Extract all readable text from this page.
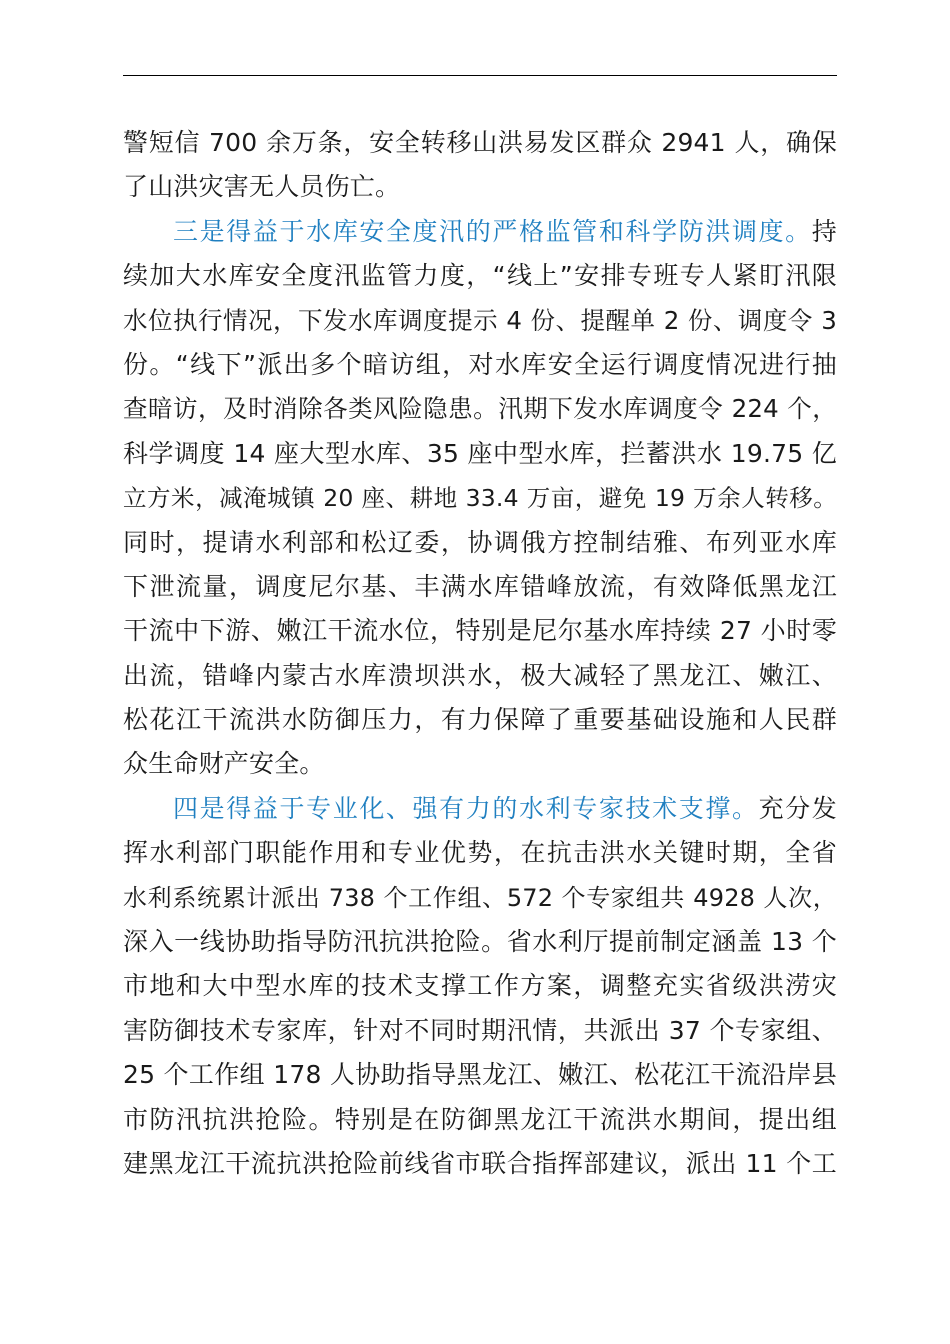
警短信 700 余万条，安全转移山洪易发区群众 2941 人，确保
了山洪灾害无人员伤亡。
三是得益于水库安全度汛的严格监管和科学防洪调度。持
续加大水库安全度汛监管力度，“线上”安排专班专人紧盯汛限
水位执行情况，下发水库调度提示 4 份、提醒单 2 份、调度令 3
份。“线下”派出多个暗访组，对水库安全运行调度情况进行抽
查暗访，及时消除各类风险隐患。汛期下发水库调度令 224 个，
科学调度 14 座大型水库、35 座中型水库，拦蓄洪水 19.75 亿
立方米，减淹城镇 20 座、耕地 33.4 万亩，避免 19 万余人转移。
同时，提请水利部和松辽委，协调俄方控制结雅、布列亚水库
下泄流量，调度尼尔基、丰满水库错峰放流，有效降低黑龙江
干流中下游、嫩江干流水位，特别是尼尔基水库持续 27 小时零
出流，错峰内蒙古水库溃坝洪水，极大减轻了黑龙江、嫩江、
松花江干流洪水防御压力，有力保障了重要基础设施和人民群
众生命财产安全。
四是得益于专业化、强有力的水利专家技术支撑。充分发
挥水利部门职能作用和专业优势，在抗击洪水关键时期，全省
水利系统累计派出 738 个工作组、572 个专家组共 4928 人次，
深入一线协助指导防汛抗洪抢险。省水利厅提前制定涵盖 13 个
市地和大中型水库的技术支撑工作方案，调整充实省级洪涝灾
害防御技术专家库，针对不同时期汛情，共派出 37 个专家组、
25 个工作组 178 人协助指导黑龙江、嫩江、松花江干流沿岸县
市防汛抗洪抢险。特别是在防御黑龙江干流洪水期间，提出组
建黑龙江干流抗洪抢险前线省市联合指挥部建议，派出 11 个工
